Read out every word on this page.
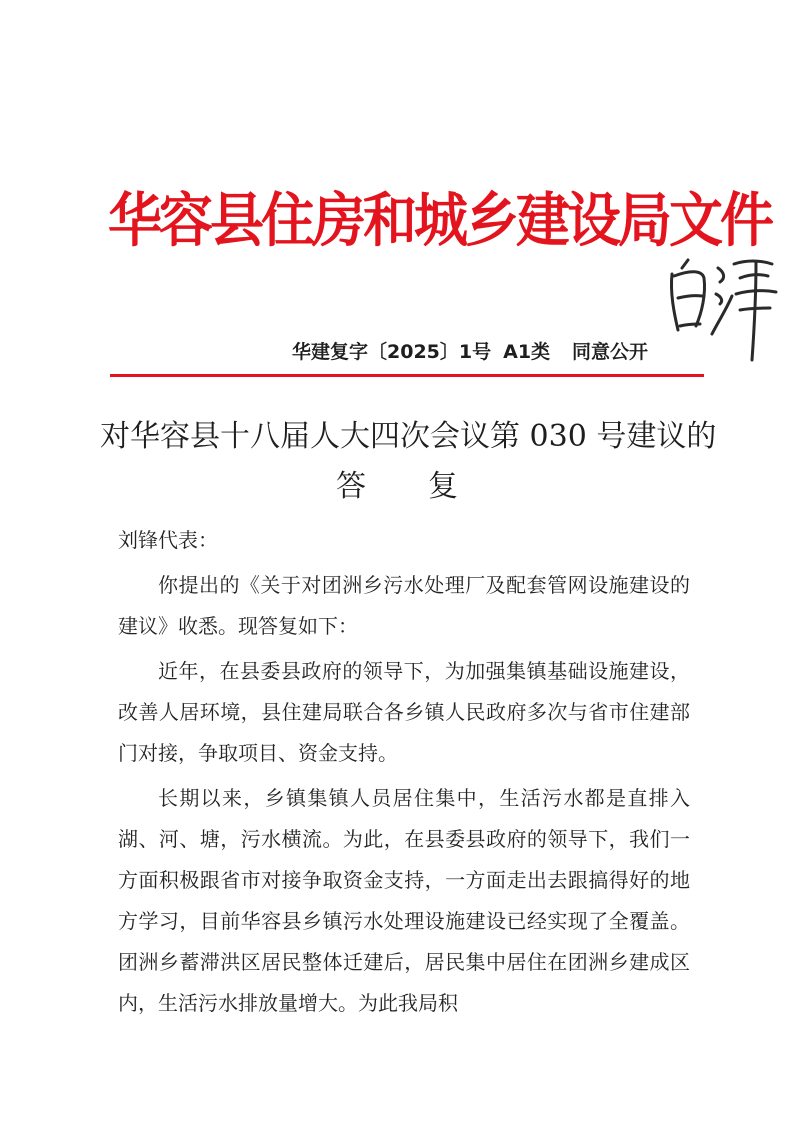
华容县住房和城乡建设局文件
华建复字〔2025〕1号 A1类 同意公开
对华容县十八届人大四次会议第 030 号建议的
答复

刘锋代表：

你提出的《关于对团洲乡污水处理厂及配套管网设施建设的建议》收悉。现答复如下：

近年，在县委县政府的领导下，为加强集镇基础设施建设，改善人居环境，县住建局联合各乡镇人民政府多次与省市住建部门对接，争取项目、资金支持。

长期以来，乡镇集镇人员居住集中，生活污水都是直排入湖、河、塘，污水横流。为此，在县委县政府的领导下，我们一方面积极跟省市对接争取资金支持，一方面走出去跟搞得好的地方学习，目前华容县乡镇污水处理设施建设已经实现了全覆盖。团洲乡蓄滞洪区居民整体迁建后，居民集中居住在团洲乡建成区内，生活污水排放量增大。为此我局积
